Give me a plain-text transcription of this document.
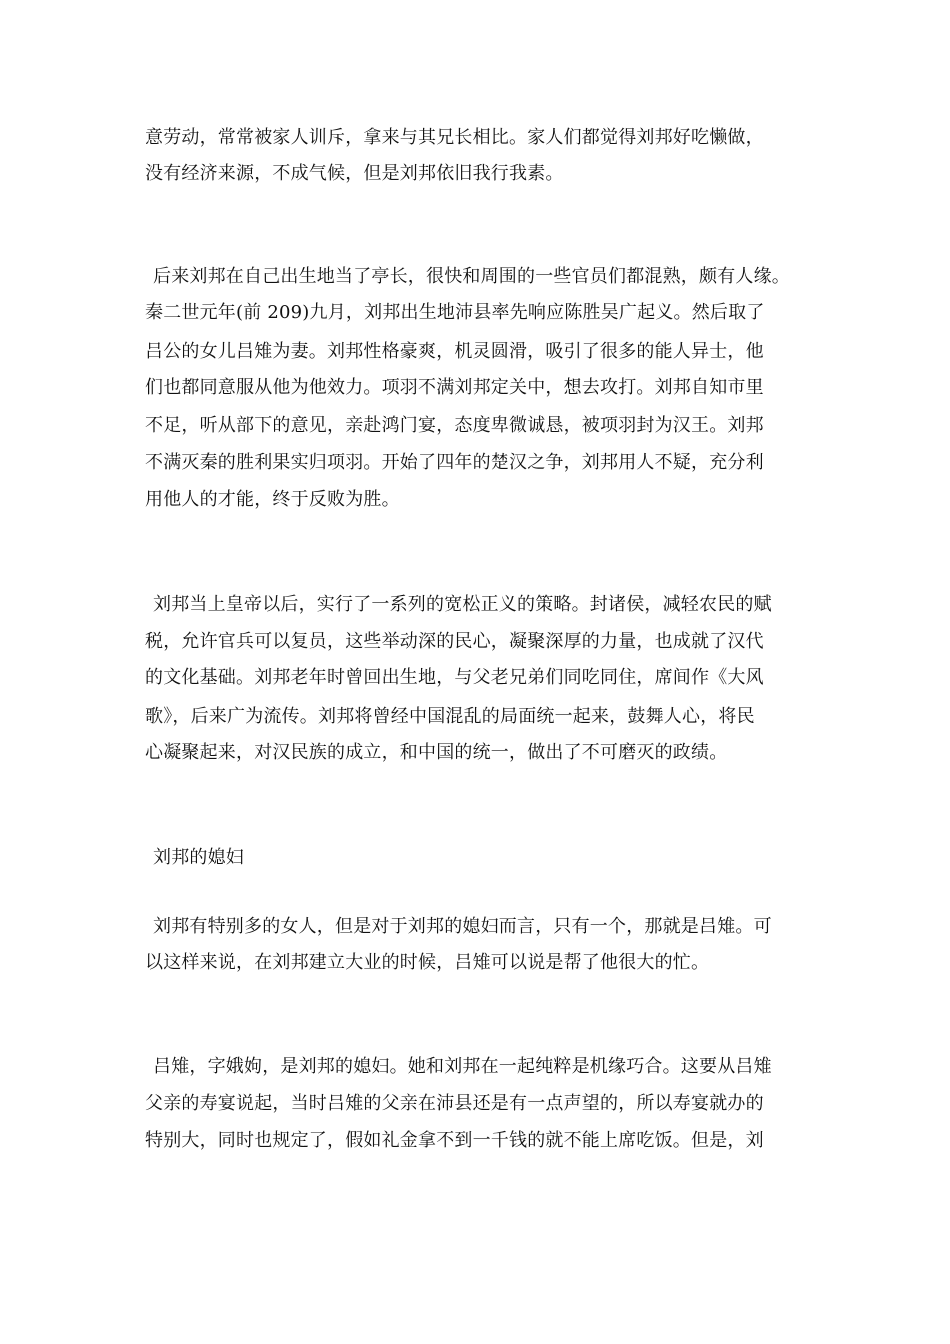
意劳动，常常被家人训斥，拿来与其兄长相比。家人们都觉得刘邦好吃懒做，
没有经济来源，不成气候，但是刘邦依旧我行我素。
后来刘邦在自己出生地当了亭长，很快和周围的一些官员们都混熟，颇有人缘。
秦二世元年(前 209)九月，刘邦出生地沛县率先响应陈胜吴广起义。然后取了
吕公的女儿吕雉为妻。刘邦性格豪爽，机灵圆滑，吸引了很多的能人异士，他
们也都同意服从他为他效力。项羽不满刘邦定关中，想去攻打。刘邦自知市里
不足，听从部下的意见，亲赴鸿门宴，态度卑微诚恳，被项羽封为汉王。刘邦
不满灭秦的胜利果实归项羽。开始了四年的楚汉之争，刘邦用人不疑，充分利
用他人的才能，终于反败为胜。
刘邦当上皇帝以后，实行了一系列的宽松正义的策略。封诸侯，减轻农民的赋
税，允许官兵可以复员，这些举动深的民心，凝聚深厚的力量，也成就了汉代
的文化基础。刘邦老年时曾回出生地，与父老兄弟们同吃同住，席间作《大风
歌》，后来广为流传。刘邦将曾经中国混乱的局面统一起来，鼓舞人心，将民
心凝聚起来，对汉民族的成立，和中国的统一，做出了不可磨灭的政绩。
刘邦的媳妇
刘邦有特别多的女人，但是对于刘邦的媳妇而言，只有一个，那就是吕雉。可
以这样来说，在刘邦建立大业的时候，吕雉可以说是帮了他很大的忙。
吕雉，字娥姁，是刘邦的媳妇。她和刘邦在一起纯粹是机缘巧合。这要从吕雉
父亲的寿宴说起，当时吕雉的父亲在沛县还是有一点声望的，所以寿宴就办的
特别大，同时也规定了，假如礼金拿不到一千钱的就不能上席吃饭。但是，刘
